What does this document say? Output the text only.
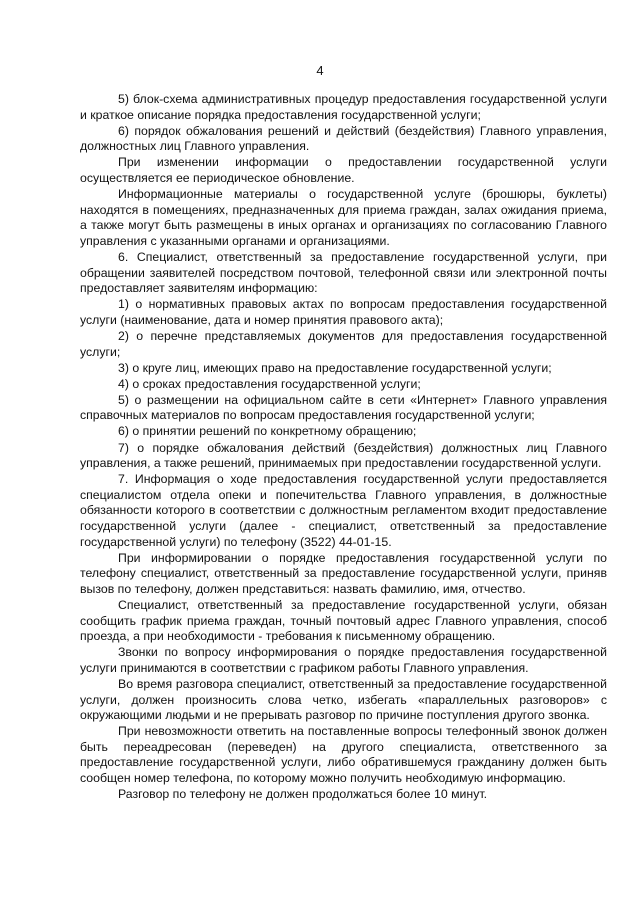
4

5) блок-схема административных процедур предоставления государственной услуги и краткое описание порядка предоставления государственной услуги;

6) порядок обжалования решений и действий (бездействия) Главного управления, должностных лиц Главного управления.

При изменении информации о предоставлении государственной услуги осуществляется ее периодическое обновление.

Информационные материалы о государственной услуге (брошюры, буклеты) находятся в помещениях, предназначенных для приема граждан, залах ожидания приема, а также могут быть размещены в иных органах и организациях по согласованию Главного управления с указанными органами и организациями.

6. Специалист, ответственный за предоставление государственной услуги, при обращении заявителей посредством почтовой, телефонной связи или электронной почты предоставляет заявителям информацию:

1) о нормативных правовых актах по вопросам предоставления государственной услуги (наименование, дата и номер принятия правового акта);

2) о перечне представляемых документов для предоставления государственной услуги;

3) о круге лиц, имеющих право на предоставление государственной услуги;

4) о сроках предоставления государственной услуги;

5) о размещении на официальном сайте в сети «Интернет» Главного управления справочных материалов по вопросам предоставления государственной услуги;

6) о принятии решений по конкретному обращению;

7) о порядке обжалования действий (бездействия) должностных лиц Главного управления, а также решений, принимаемых при предоставлении государственной услуги.

7. Информация о ходе предоставления государственной услуги предоставляется специалистом отдела опеки и попечительства Главного управления, в должностные обязанности которого в соответствии с должностным регламентом входит предоставление государственной услуги (далее - специалист, ответственный за предоставление государственной услуги) по телефону (3522) 44-01-15.

При информировании о порядке предоставления государственной услуги по телефону специалист, ответственный за предоставление государственной услуги, приняв вызов по телефону, должен представиться: назвать фамилию, имя, отчество.

Специалист, ответственный за предоставление государственной услуги, обязан сообщить график приема граждан, точный почтовый адрес Главного управления, способ проезда, а при необходимости - требования к письменному обращению.

Звонки по вопросу информирования о порядке предоставления государственной услуги принимаются в соответствии с графиком работы Главного управления.

Во время разговора специалист, ответственный за предоставление государственной услуги, должен произносить слова четко, избегать «параллельных разговоров» с окружающими людьми и не прерывать разговор по причине поступления другого звонка.

При невозможности ответить на поставленные вопросы телефонный звонок должен быть переадресован (переведен) на другого специалиста, ответственного за предоставление государственной услуги, либо обратившемуся гражданину должен быть сообщен номер телефона, по которому можно получить необходимую информацию.

Разговор по телефону не должен продолжаться более 10 минут.
